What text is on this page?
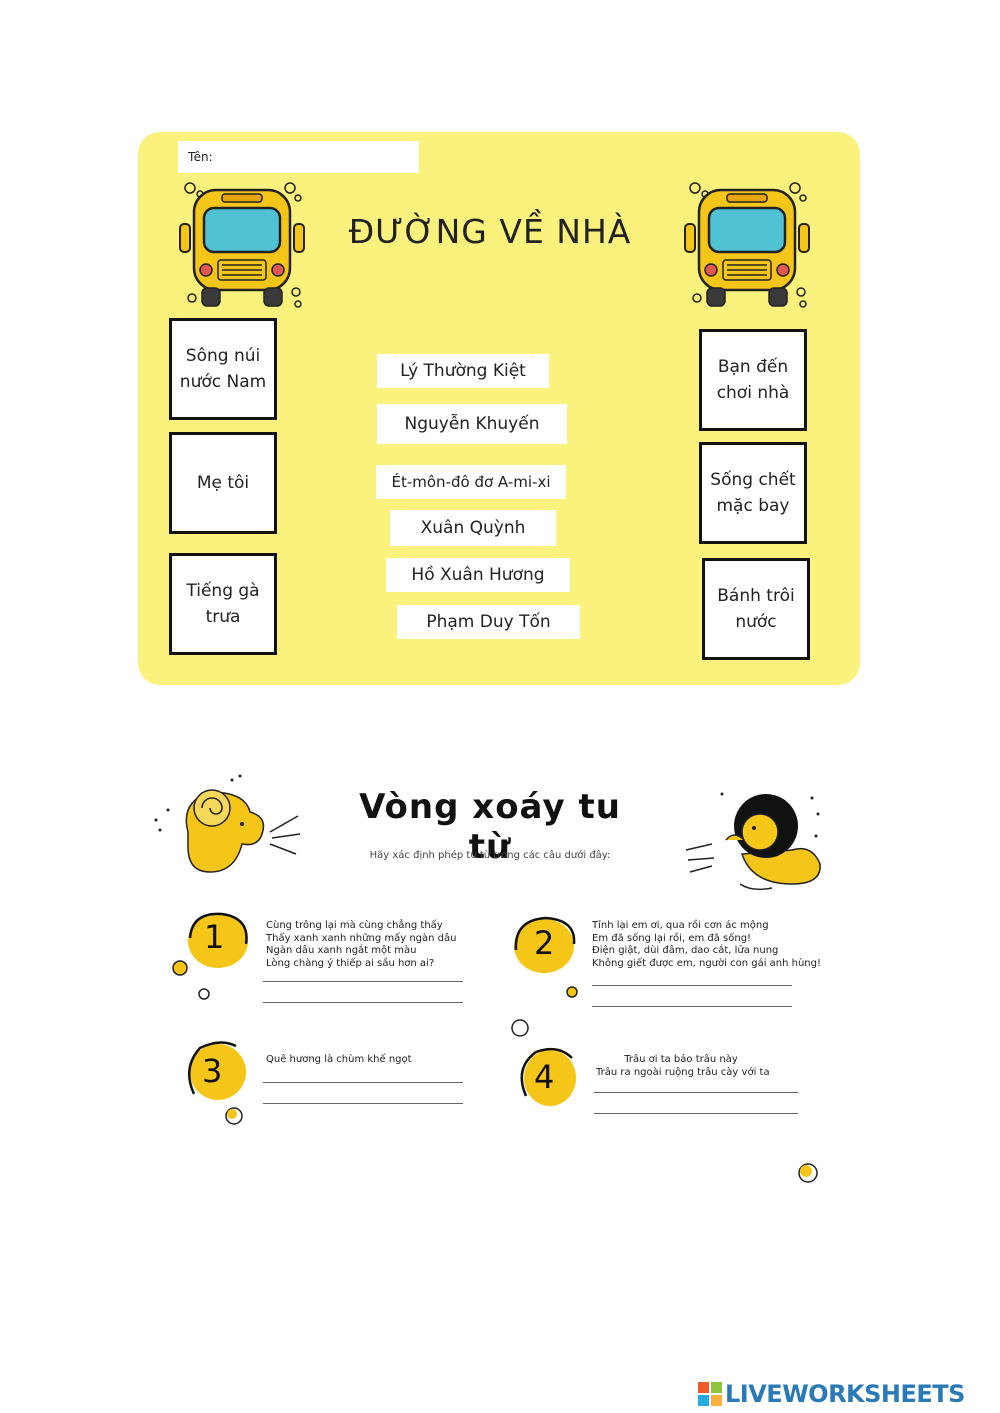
Tên:
ĐƯỜNG VỀ NHÀ
Sông núi nước Nam
Mẹ tôi
Tiếng gà trưa
Bạn đến chơi nhà
Sống chết mặc bay
Bánh trôi nước
Lý Thường Kiệt
Nguyễn Khuyến
Ét-môn-đô đơ A-mi-xi
Xuân Quỳnh
Hồ Xuân Hương
Phạm Duy Tốn
Vòng xoáy tu từ
Hãy xác định phép tu từ trong các câu dưới đây:
1	Cùng trông lại mà cùng chẳng thấy
Thấy xanh xanh những mấy ngàn dâu
Ngàn dâu xanh ngắt một màu
Lòng chàng ý thiếp ai sầu hơn ai?
2	Tỉnh lại em ơi, qua rồi cơn ác mộng
Em đã sống lại rồi, em đã sống!
Điện giật, dùi đâm, dao cắt, lửa nung
Không giết được em, người con gái anh hùng!
3	Quê hương là chùm khế ngọt	4	Trâu ơi ta bảo trâu này
Trâu ra ngoài ruộng trâu cày với ta
LIVEWORKSHEETS
